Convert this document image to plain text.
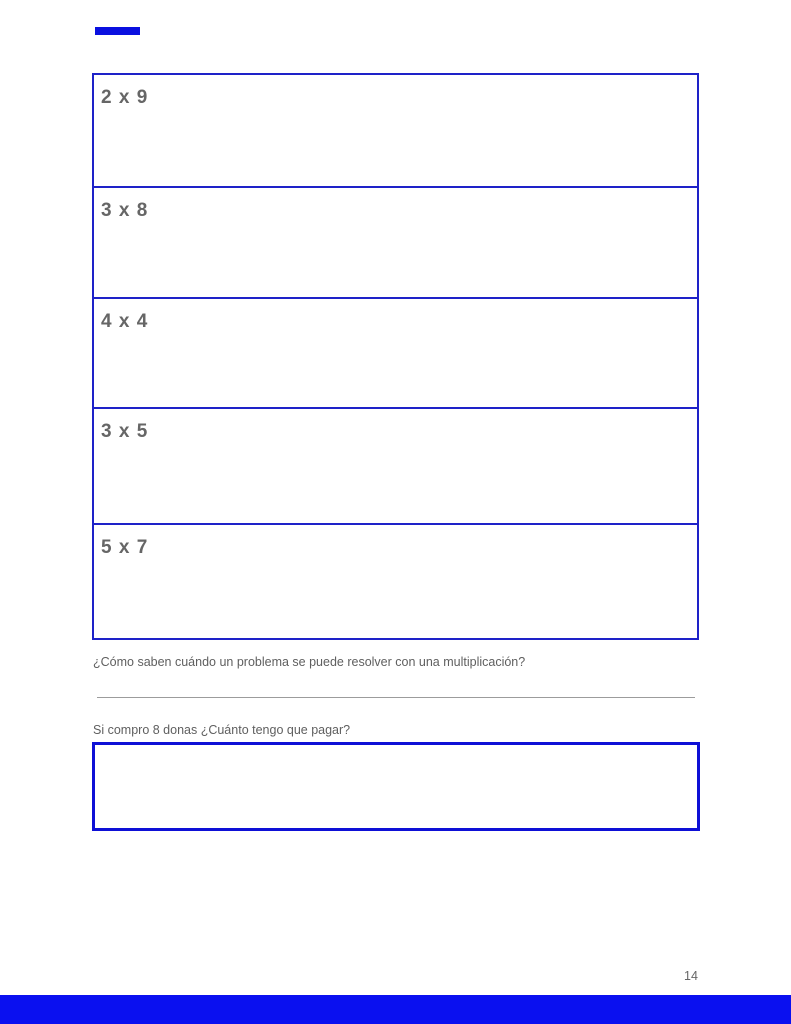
2 x 9
3 x 8
4 x 4
3 x 5
5 x 7
¿Cómo saben cuándo un problema se puede resolver con una multiplicación?
Si compro 8 donas ¿Cuánto tengo que pagar?
14
